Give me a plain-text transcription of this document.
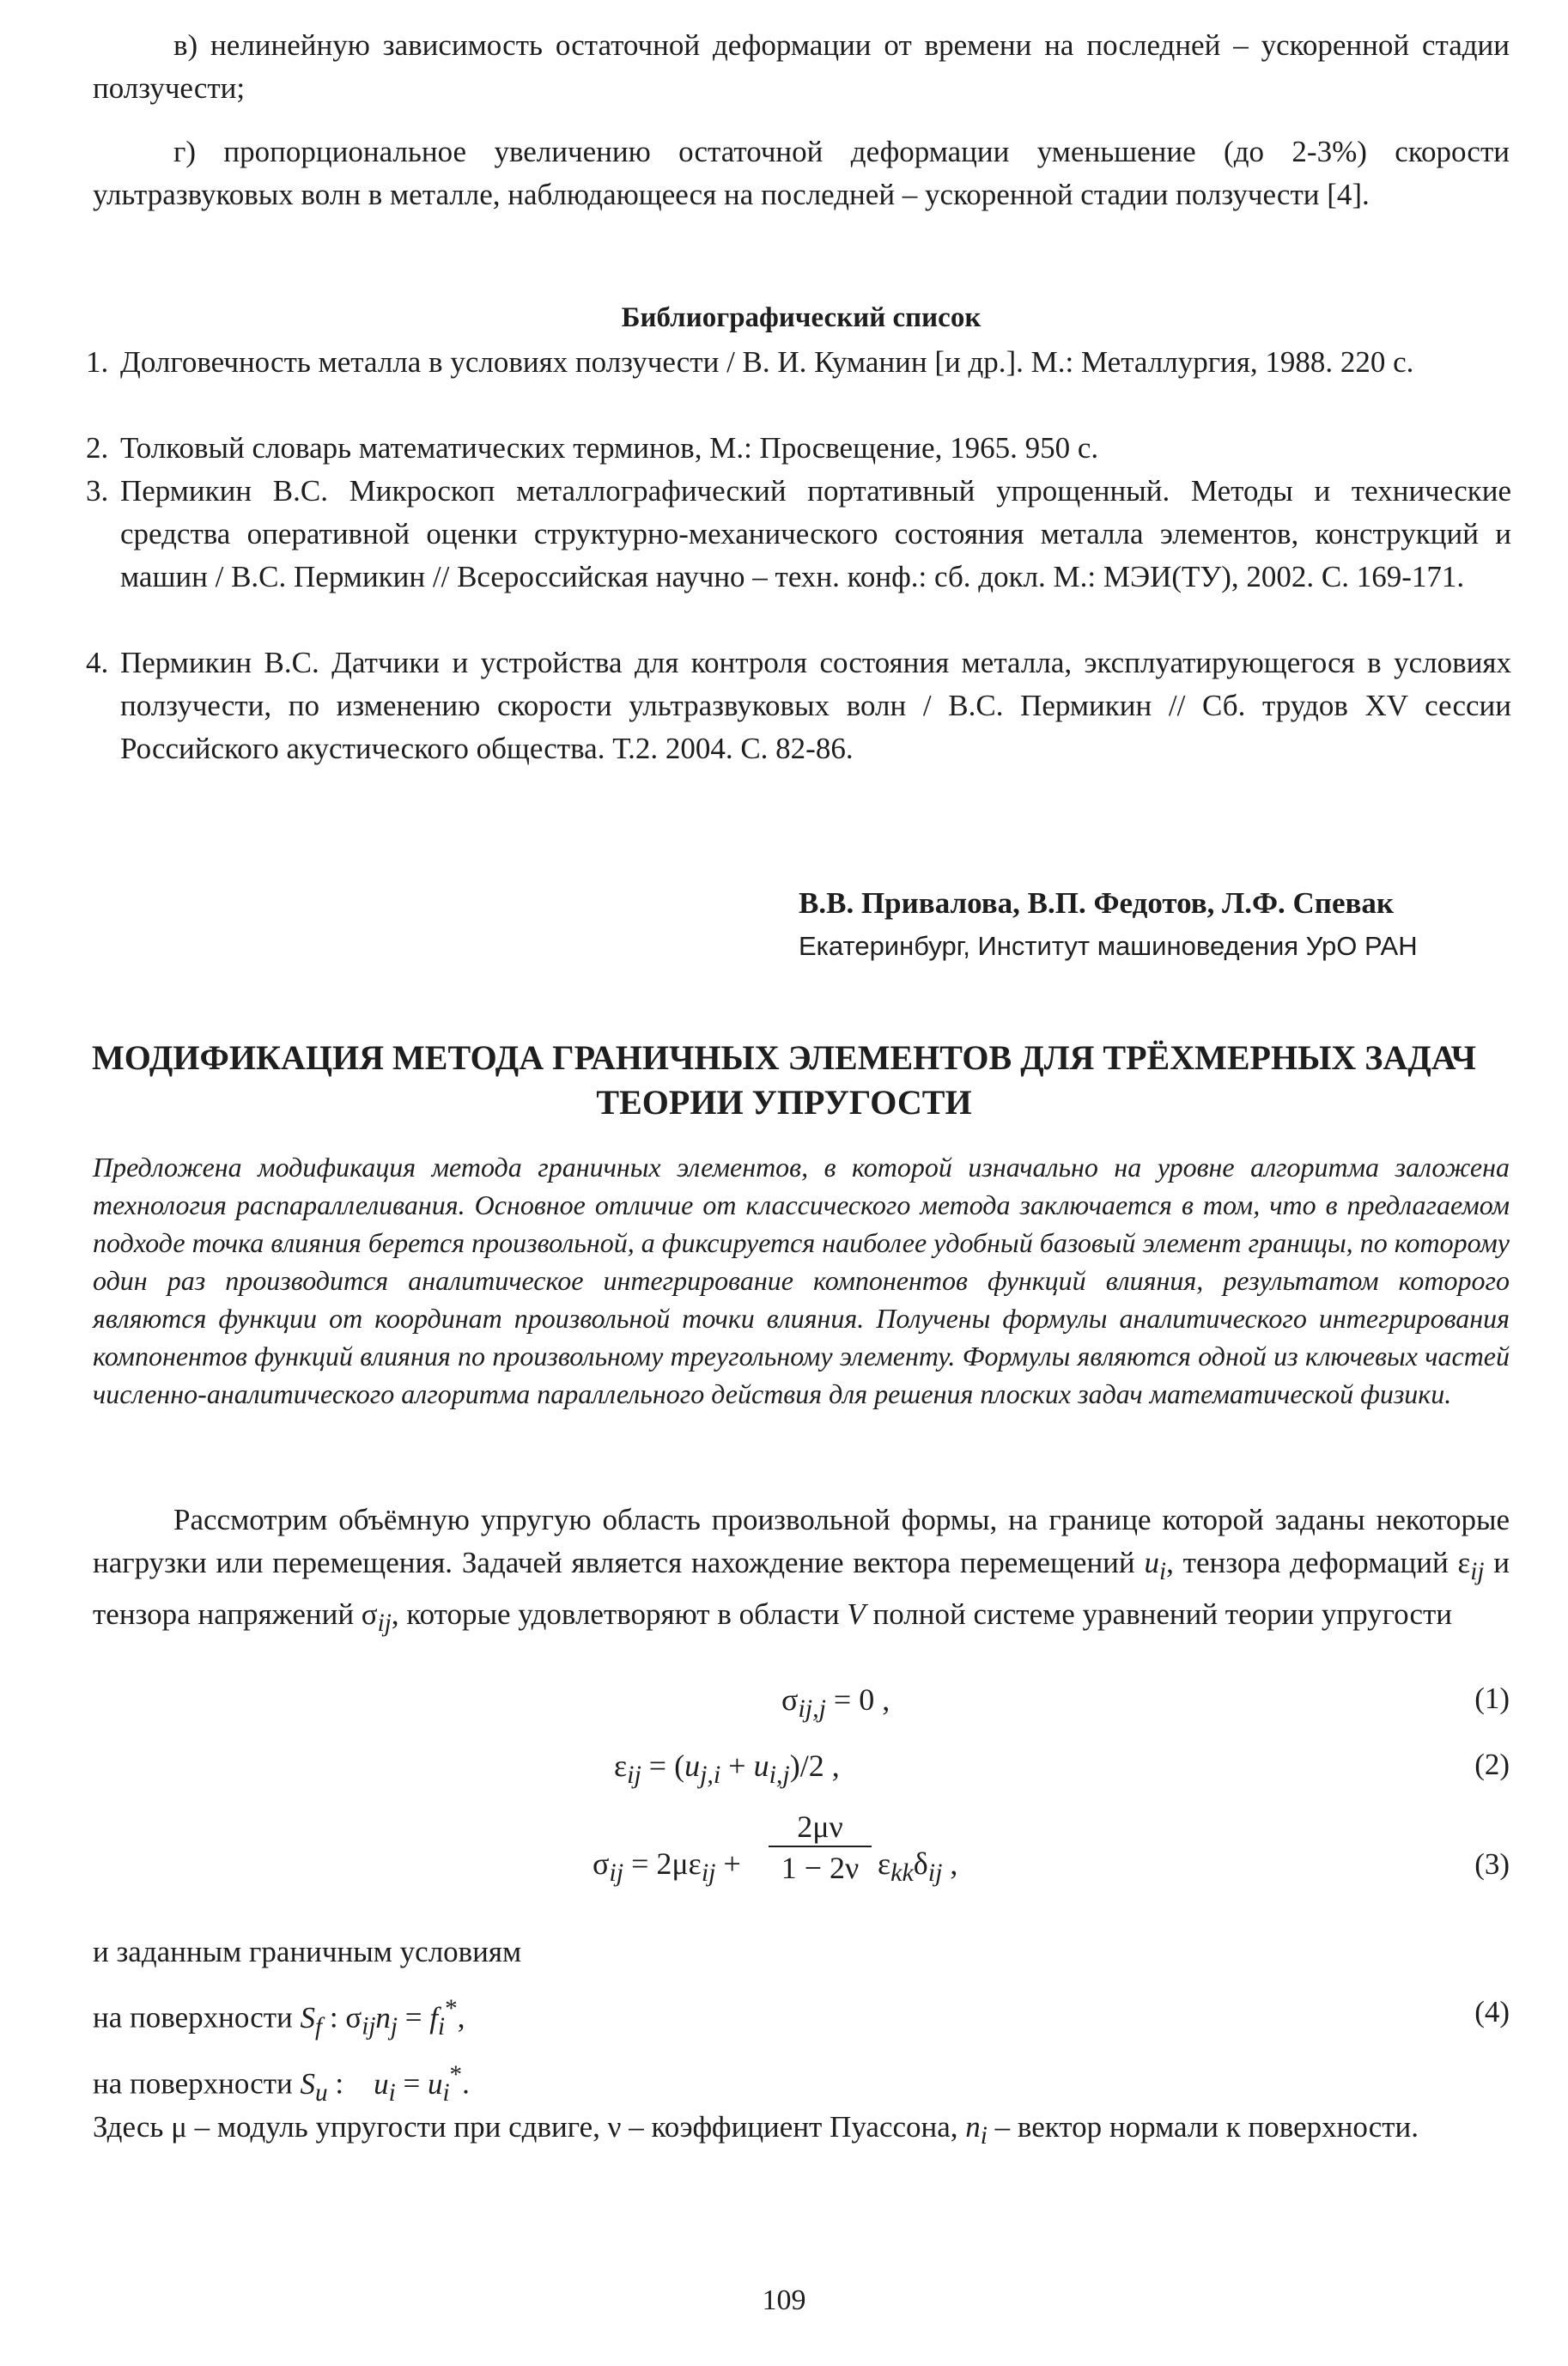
в) нелинейную зависимость остаточной деформации от времени на последней – ускоренной стадии ползучести;
г) пропорциональное увеличению остаточной деформации уменьшение (до 2-3%) скорости ультразвуковых волн в металле, наблюдающееся на последней – ускоренной стадии ползучести [4].
Библиографический список
1. Долговечность металла в условиях ползучести / В. И. Куманин [и др.]. М.: Металлургия, 1988. 220 с.
2. Толковый словарь математических терминов, М.: Просвещение, 1965. 950 с.
3. Пермикин В.С. Микроскоп металлографический портативный упрощенный. Методы и технические средства оперативной оценки структурно-механического состояния металла элементов, конструкций и машин / В.С. Пермикин // Всероссийская научно – техн. конф.: сб. докл. М.: МЭИ(ТУ), 2002. С. 169-171.
4. Пермикин В.С. Датчики и устройства для контроля состояния металла, эксплуатирующегося в условиях ползучести, по изменению скорости ультразвуковых волн / В.С. Пермикин // Сб. трудов XV сессии Российского акустического общества. Т.2. 2004. С. 82-86.
В.В. Привалова, В.П. Федотов, Л.Ф. Спевак
Екатеринбург, Институт машиноведения УрО РАН
МОДИФИКАЦИЯ МЕТОДА ГРАНИЧНЫХ ЭЛЕМЕНТОВ ДЛЯ ТРЁХМЕРНЫХ ЗАДАЧ ТЕОРИИ УПРУГОСТИ
Предложена модификация метода граничных элементов, в которой изначально на уровне алгоритма заложена технология распараллеливания. Основное отличие от классического метода заключается в том, что в предлагаемом подходе точка влияния берется произвольной, а фиксируется наиболее удобный базовый элемент границы, по которому один раз производится аналитическое интегрирование компонентов функций влияния, результатом которого являются функции от координат произвольной точки влияния. Получены формулы аналитического интегрирования компонентов функций влияния по произвольному треугольному элементу. Формулы являются одной из ключевых частей численно-аналитического алгоритма параллельного действия для решения плоских задач математической физики.
Рассмотрим объёмную упругую область произвольной формы, на границе которой заданы некоторые нагрузки или перемещения. Задачей является нахождение вектора перемещений $u_i$, тензора деформаций $\varepsilon_{ij}$ и тензора напряжений $\sigma_{ij}$, которые удовлетворяют в области V полной системе уравнений теории упругости
$\sigma_{ij,j} = 0$ ,	(1)
$\varepsilon_{ij} = (u_{j,i} + u_{i,j})/2$ ,	(2)
$\sigma_{ij} = 2\mu\varepsilon_{ij}$ +
2μν
1 − 2ν $\varepsilon_{kk}\delta_{ij}$ ,	(3)
и заданным граничным условиям
на поверхности $S_f$ : $\sigma_{ij}n_j = f_i^*$,	(4)
на поверхности $S_u$ :    $u_i = u_i^*$.
Здесь μ – модуль упругости при сдвиге, ν – коэффициент Пуассона, $n_i$ – вектор нормали к поверхности.
109
